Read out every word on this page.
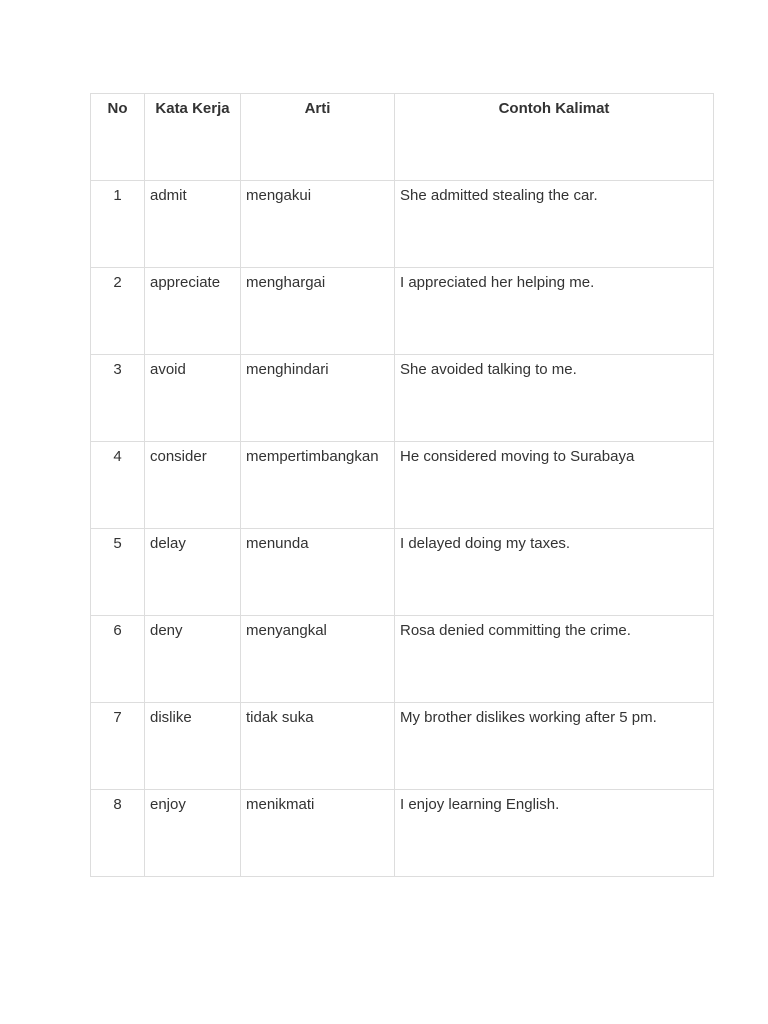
No	Kata Kerja	Arti	Contoh Kalimat
1	admit	mengakui	She admitted stealing the car.
2	appreciate	menghargai	I appreciated her helping me.
3	avoid	menghindari	She avoided talking to me.
4	consider	mempertimbangkan	He considered moving to Surabaya
5	delay	menunda	I delayed doing my taxes.
6	deny	menyangkal	Rosa denied committing the crime.
7	dislike	tidak suka	My brother dislikes working after 5 pm.
8	enjoy	menikmati	I enjoy learning English.
